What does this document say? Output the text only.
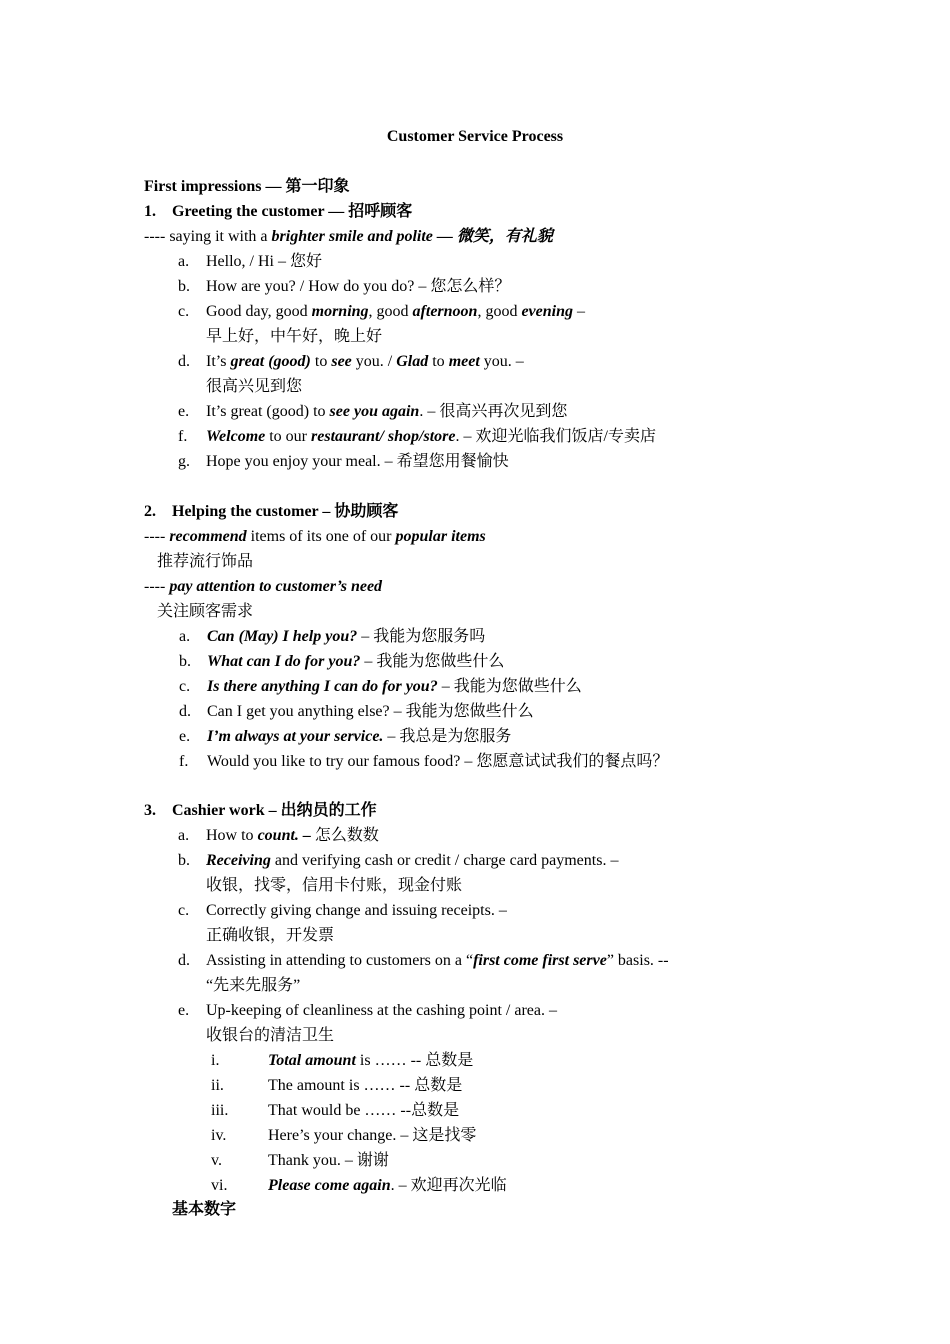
Customer Service Process
First impressions — 第一印象
1. Greeting the customer — 招呼顾客
---- saying it with a brighter smile and polite — 微笑，有礼貌
a. Hello, / Hi – 您好
b. How are you? / How do you do? – 您怎么样？
c. Good day, good morning, good afternoon, good evening –
早上好，中午好，晚上好
d. It’s great (good) to see you. / Glad to meet you. –
很高兴见到您
e. It’s great (good) to see you again. – 很高兴再次见到您
f. Welcome to our restaurant/ shop/store. – 欢迎光临我们饭店/专卖店
g. Hope you enjoy your meal. – 希望您用餐愉快
2. Helping the customer – 协助顾客
---- recommend items of its one of our popular items
推荐流行饰品
---- pay attention to customer’s need
关注顾客需求
a. Can (May) I help you? – 我能为您服务吗
b. What can I do for you? – 我能为您做些什么
c. Is there anything I can do for you? – 我能为您做些什么
d. Can I get you anything else? – 我能为您做些什么
e. I’m always at your service. – 我总是为您服务
f. Would you like to try our famous food? – 您愿意试试我们的餐点吗？
3. Cashier work – 出纳员的工作
a. How to count. – 怎么数数
b. Receiving and verifying cash or credit / charge card payments. –
收银，找零，信用卡付账，现金付账
c. Correctly giving change and issuing receipts. –
正确收银，开发票
d. Assisting in attending to customers on a “first come first serve” basis. --
“先来先服务”
e. Up-keeping of cleanliness at the cashing point / area. –
收银台的清洁卫生
i.	Total amount is …… -- 总数是
ii.	The amount is …… -- 总数是
iii. That would be …… --总数是
iv.	Here’s your change. – 这是找零
v.	Thank you. – 谢谢
vi.	Please come again. – 欢迎再次光临
基本数字
